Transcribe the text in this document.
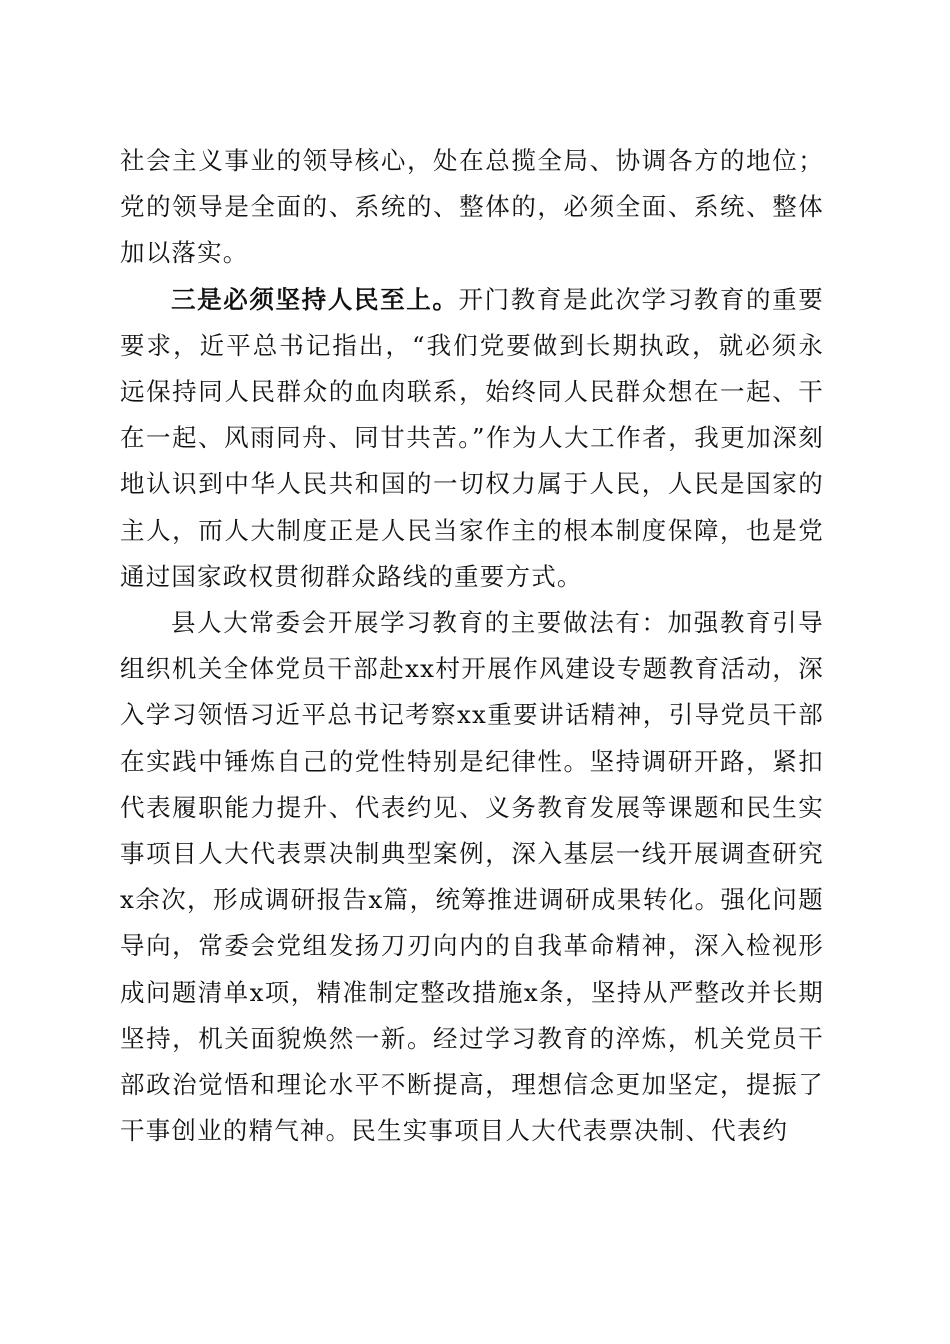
社会主义事业的领导核心，处在总揽全局、协调各方的地位；党的领导是全面的、系统的、整体的，必须全面、系统、整体加以落实。

三是必须坚持人民至上。开门教育是此次学习教育的重要要求，近平总书记指出，“我们党要做到长期执政，就必须永远保持同人民群众的血肉联系，始终同人民群众想在一起、干在一起、风雨同舟、同甘共苦。”作为人大工作者，我更加深刻地认识到中华人民共和国的一切权力属于人民，人民是国家的主人，而人大制度正是人民当家作主的根本制度保障，也是党通过国家政权贯彻群众路线的重要方式。

县人大常委会开展学习教育的主要做法有：加强教育引导组织机关全体党员干部赴xx村开展作风建设专题教育活动，深入学习领悟习近平总书记考察xx重要讲话精神，引导党员干部在实践中锤炼自己的党性特别是纪律性。坚持调研开路，紧扣代表履职能力提升、代表约见、义务教育发展等课题和民生实事项目人大代表票决制典型案例，深入基层一线开展调查研究x余次，形成调研报告x篇，统筹推进调研成果转化。强化问题导向，常委会党组发扬刀刃向内的自我革命精神，深入检视形成问题清单x项，精准制定整改措施x条，坚持从严整改并长期坚持，机关面貌焕然一新。经过学习教育的淬炼，机关党员干部政治觉悟和理论水平不断提高，理想信念更加坚定，提振了干事创业的精气神。民生实事项目人大代表票决制、代表约
